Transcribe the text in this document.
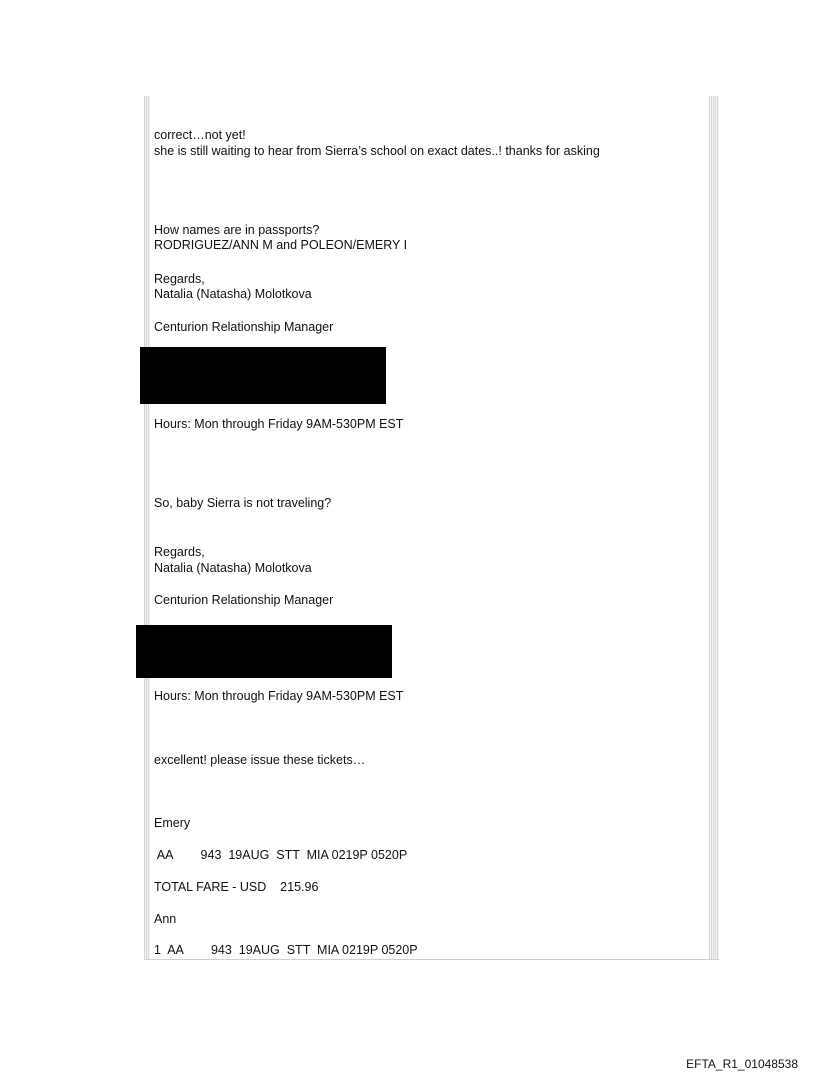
correct…not yet!

she is still waiting to hear from Sierra’s school on exact dates..! thanks for asking

How names are in passports?

RODRIGUEZ/ANN M and POLEON/EMERY I

Regards,

Natalia (Natasha) Molotkova

Centurion Relationship Manager

Hours: Mon through Friday 9AM-530PM EST

So, baby Sierra is not traveling?

Regards,

Natalia (Natasha) Molotkova

Centurion Relationship Manager

Hours: Mon through Friday 9AM-530PM EST

excellent! please issue these tickets…

Emery

AA        943  19AUG  STT  MIA 0219P 0520P

TOTAL FARE - USD    215.96

Ann

1  AA        943  19AUG  STT  MIA 0219P 0520P

EFTA_R1_01048538
